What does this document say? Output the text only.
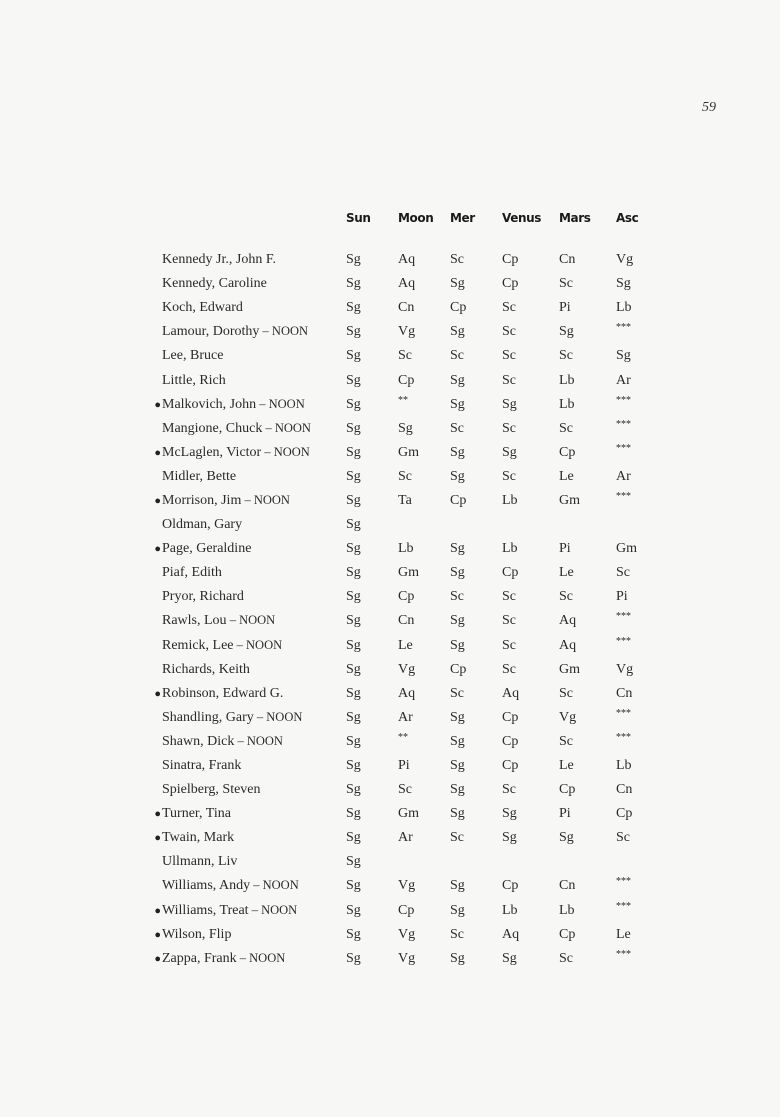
59
	Sun	Moon	Mer	Venus	Mars	Asc
Kennedy Jr., John F.	Sg	Aq	Sc	Cp	Cn	Vg
Kennedy, Caroline	Sg	Aq	Sg	Cp	Sc	Sg
Koch, Edward	Sg	Cn	Cp	Sc	Pi	Lb
Lamour, Dorothy – NOON	Sg	Vg	Sg	Sc	Sg	***
Lee, Bruce	Sg	Sc	Sc	Sc	Sc	Sg
Little, Rich	Sg	Cp	Sg	Sc	Lb	Ar
●Malkovich, John – NOON	Sg	**	Sg	Sg	Lb	***
Mangione, Chuck – NOON	Sg	Sg	Sc	Sc	Sc	***
●McLaglen, Victor – NOON	Sg	Gm	Sg	Sg	Cp	***
Midler, Bette	Sg	Sc	Sg	Sc	Le	Ar
●Morrison, Jim – NOON	Sg	Ta	Cp	Lb	Gm	***
Oldman, Gary	Sg					
●Page, Geraldine	Sg	Lb	Sg	Lb	Pi	Gm
Piaf, Edith	Sg	Gm	Sg	Cp	Le	Sc
Pryor, Richard	Sg	Cp	Sc	Sc	Sc	Pi
Rawls, Lou – NOON	Sg	Cn	Sg	Sc	Aq	***
Remick, Lee – NOON	Sg	Le	Sg	Sc	Aq	***
Richards, Keith	Sg	Vg	Cp	Sc	Gm	Vg
●Robinson, Edward G.	Sg	Aq	Sc	Aq	Sc	Cn
Shandling, Gary – NOON	Sg	Ar	Sg	Cp	Vg	***
Shawn, Dick – NOON	Sg	**	Sg	Cp	Sc	***
Sinatra, Frank	Sg	Pi	Sg	Cp	Le	Lb
Spielberg, Steven	Sg	Sc	Sg	Sc	Cp	Cn
●Turner, Tina	Sg	Gm	Sg	Sg	Pi	Cp
●Twain, Mark	Sg	Ar	Sc	Sg	Sg	Sc
Ullmann, Liv	Sg					
Williams, Andy – NOON	Sg	Vg	Sg	Cp	Cn	***
●Williams, Treat – NOON	Sg	Cp	Sg	Lb	Lb	***
●Wilson, Flip	Sg	Vg	Sc	Aq	Cp	Le
●Zappa, Frank – NOON	Sg	Vg	Sg	Sg	Sc	***
